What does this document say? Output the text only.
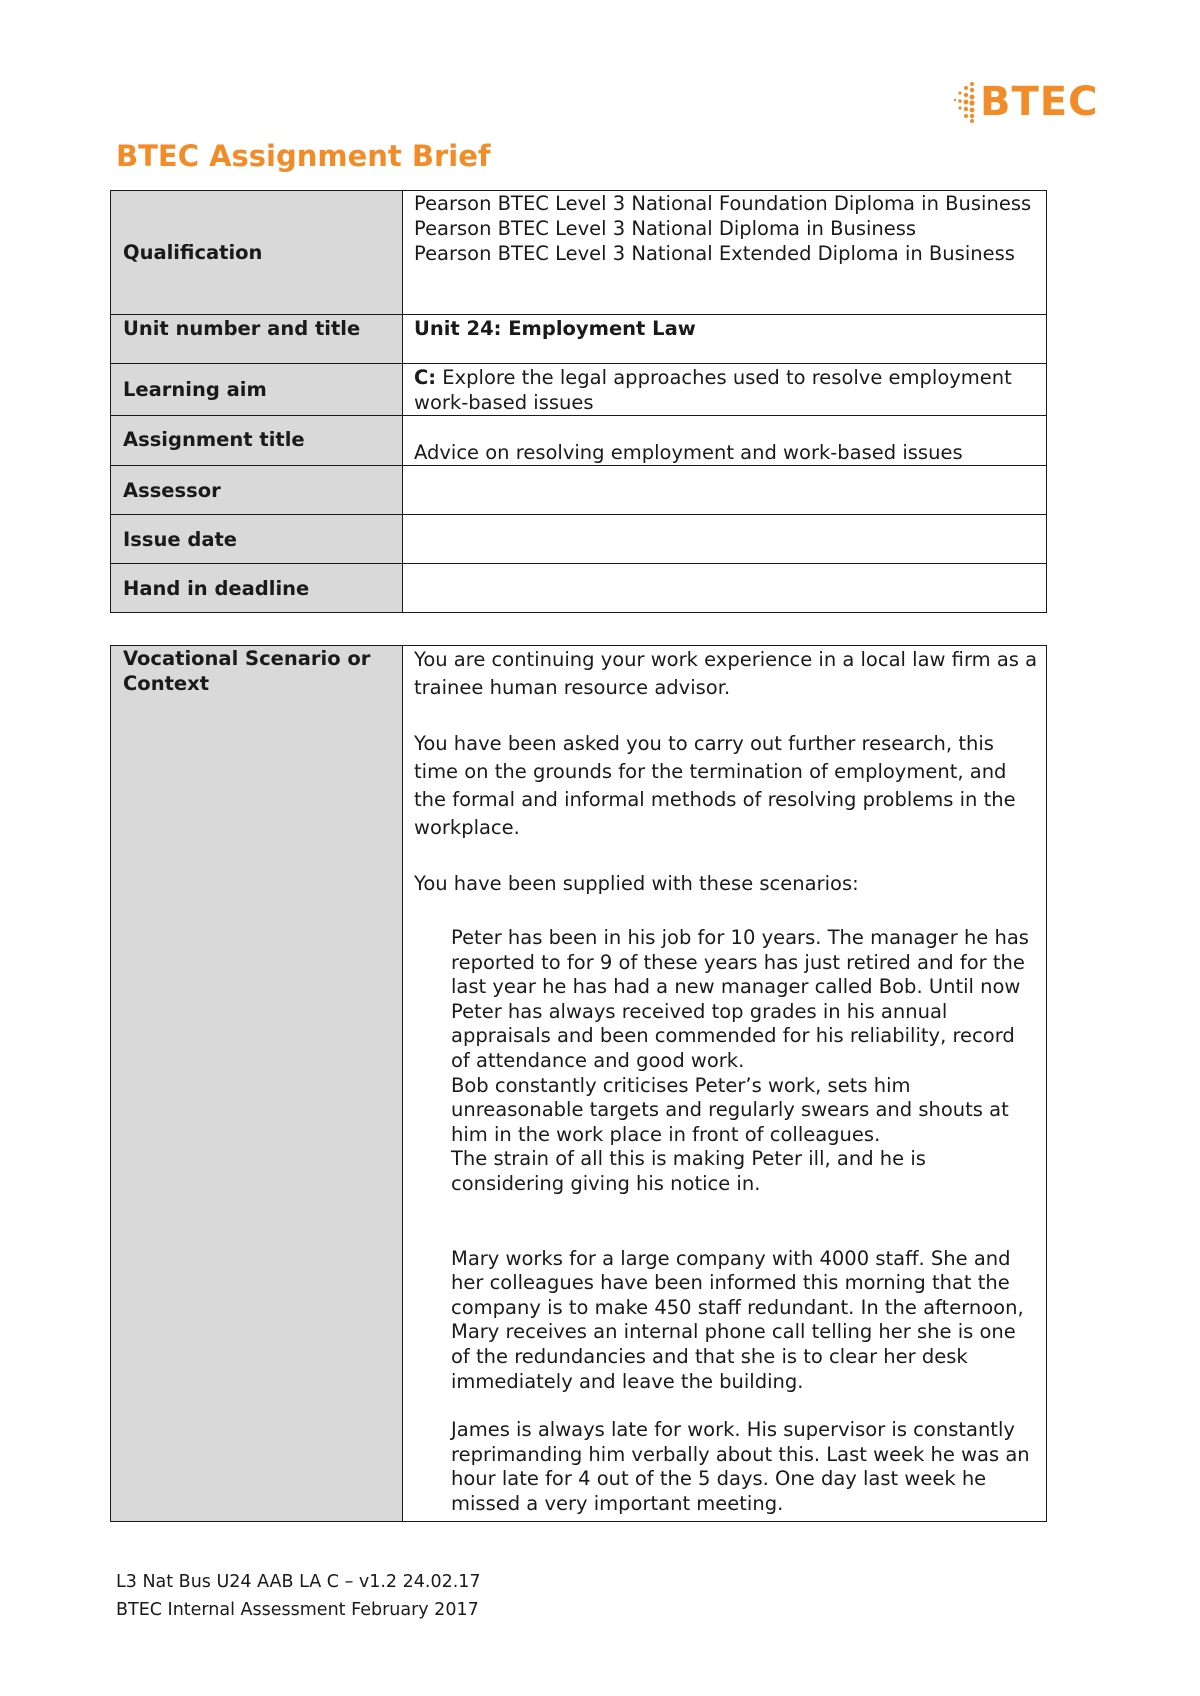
BTEC
BTEC Assignment Brief
Qualification	Pearson BTEC Level 3 National Foundation Diploma in Business
Pearson BTEC Level 3 National Diploma in Business
Pearson BTEC Level 3 National Extended Diploma in Business

Unit number and title	Unit 24: Employment Law
Learning aim	C: Explore the legal approaches used to resolve employment work-based issues
Assignment title	Advice on resolving employment and work-based issues
Assessor	
Issue date	
Hand in deadline	
Vocational Scenario or Context	

You are continuing your work experience in a local law firm as a trainee human resource advisor.

You have been asked you to carry out further research, this time on the grounds for the termination of employment, and the formal and informal methods of resolving problems in the workplace.

You have been supplied with these scenarios:

Peter has been in his job for 10 years. The manager he has reported to for 9 of these years has just retired and for the last year he has had a new manager called Bob. Until now Peter has always received top grades in his annual appraisals and been commended for his reliability, record of attendance and good work.

Bob constantly criticises Peter’s work, sets him unreasonable targets and regularly swears and shouts at him in the work place in front of colleagues.

The strain of all this is making Peter ill, and he is considering giving his notice in.

Mary works for a large company with 4000 staff. She and her colleagues have been informed this morning that the company is to make 450 staff redundant. In the afternoon, Mary receives an internal phone call telling her she is one of the redundancies and that she is to clear her desk immediately and leave the building.

James is always late for work. His supervisor is constantly reprimanding him verbally about this. Last week he was an hour late for 4 out of the 5 days. One day last week he missed a very important meeting.

L3 Nat Bus U24 AAB LA C – v1.2 24.02.17
BTEC Internal Assessment February 2017
